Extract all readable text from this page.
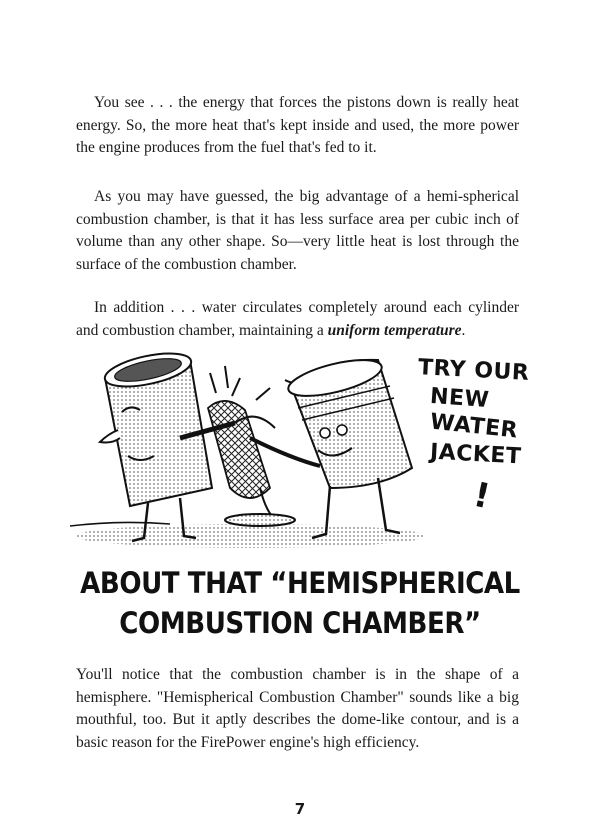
You see . . . the energy that forces the pistons down is really heat energy. So, the more heat that's kept inside and used, the more power the engine produces from the fuel that's fed to it.

As you may have guessed, the big advantage of a hemi-spherical combustion chamber, is that it has less surface area per cubic inch of volume than any other shape. So—very little heat is lost through the surface of the combustion chamber.

In addition . . . water circulates completely around each cylinder and combustion chamber, maintaining a uniform temperature.

TRY OUR
NEW
WATER
JACKET
!
ABOUT THAT “HEMISPHERICAL
COMBUSTION CHAMBER”

You'll notice that the combustion chamber is in the shape of a hemisphere. "Hemispherical Combustion Chamber" sounds like a big mouthful, too. But it aptly describes the dome-like contour, and is a basic reason for the FirePower engine's high efficiency.

7
